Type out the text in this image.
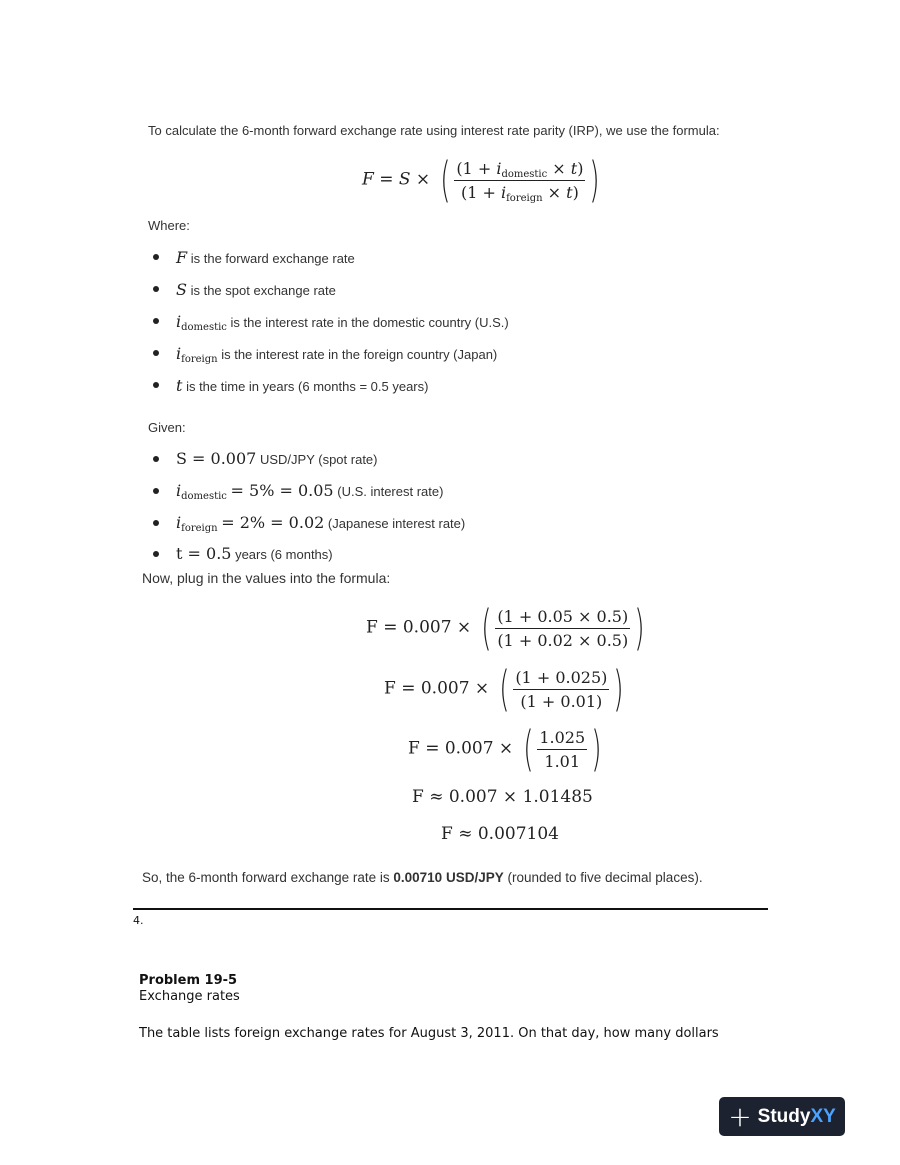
To calculate the 6-month forward exchange rate using interest rate parity (IRP), we use the formula:
F = S × ( $\frac{\text{(1 + idomestic × t)}}{\text{(1 + iforeign × t)}}$ )
Where:
F is the forward exchange rate
S is the spot exchange rate
$i_{domestic}$ is the interest rate in the domestic country (U.S.)
$i_{foreign}$ is the interest rate in the foreign country (Japan)
t is the time in years (6 months = 0.5 years)
Given:
S = 0.007 USD/JPY (spot rate)
$i_{domestic} = 5\% = 0.05$ (U.S. interest rate)
$i_{foreign} = 2\% = 0.02$ (Japanese interest rate)
t = 0.5 years (6 months)
Now, plug in the values into the formula:
F = 0.007 × ( $\frac{(1 + 0.05 \times 0.5)}{(1 + 0.02 \times 0.5)}$ )
F = 0.007 × ( $\frac{(1 + 0.025)}{(1 + 0.01)}$ )
F = 0.007 × ( $\frac{1.025}{1.01}$ )
F ≈ 0.007 × 1.01485
F ≈ 0.007104
So, the 6-month forward exchange rate is 0.00710 USD/JPY (rounded to five decimal places).
4.
Problem 19-5
Exchange rates
The table lists foreign exchange rates for August 3, 2011. On that day, how many dollars
+ StudyXY
